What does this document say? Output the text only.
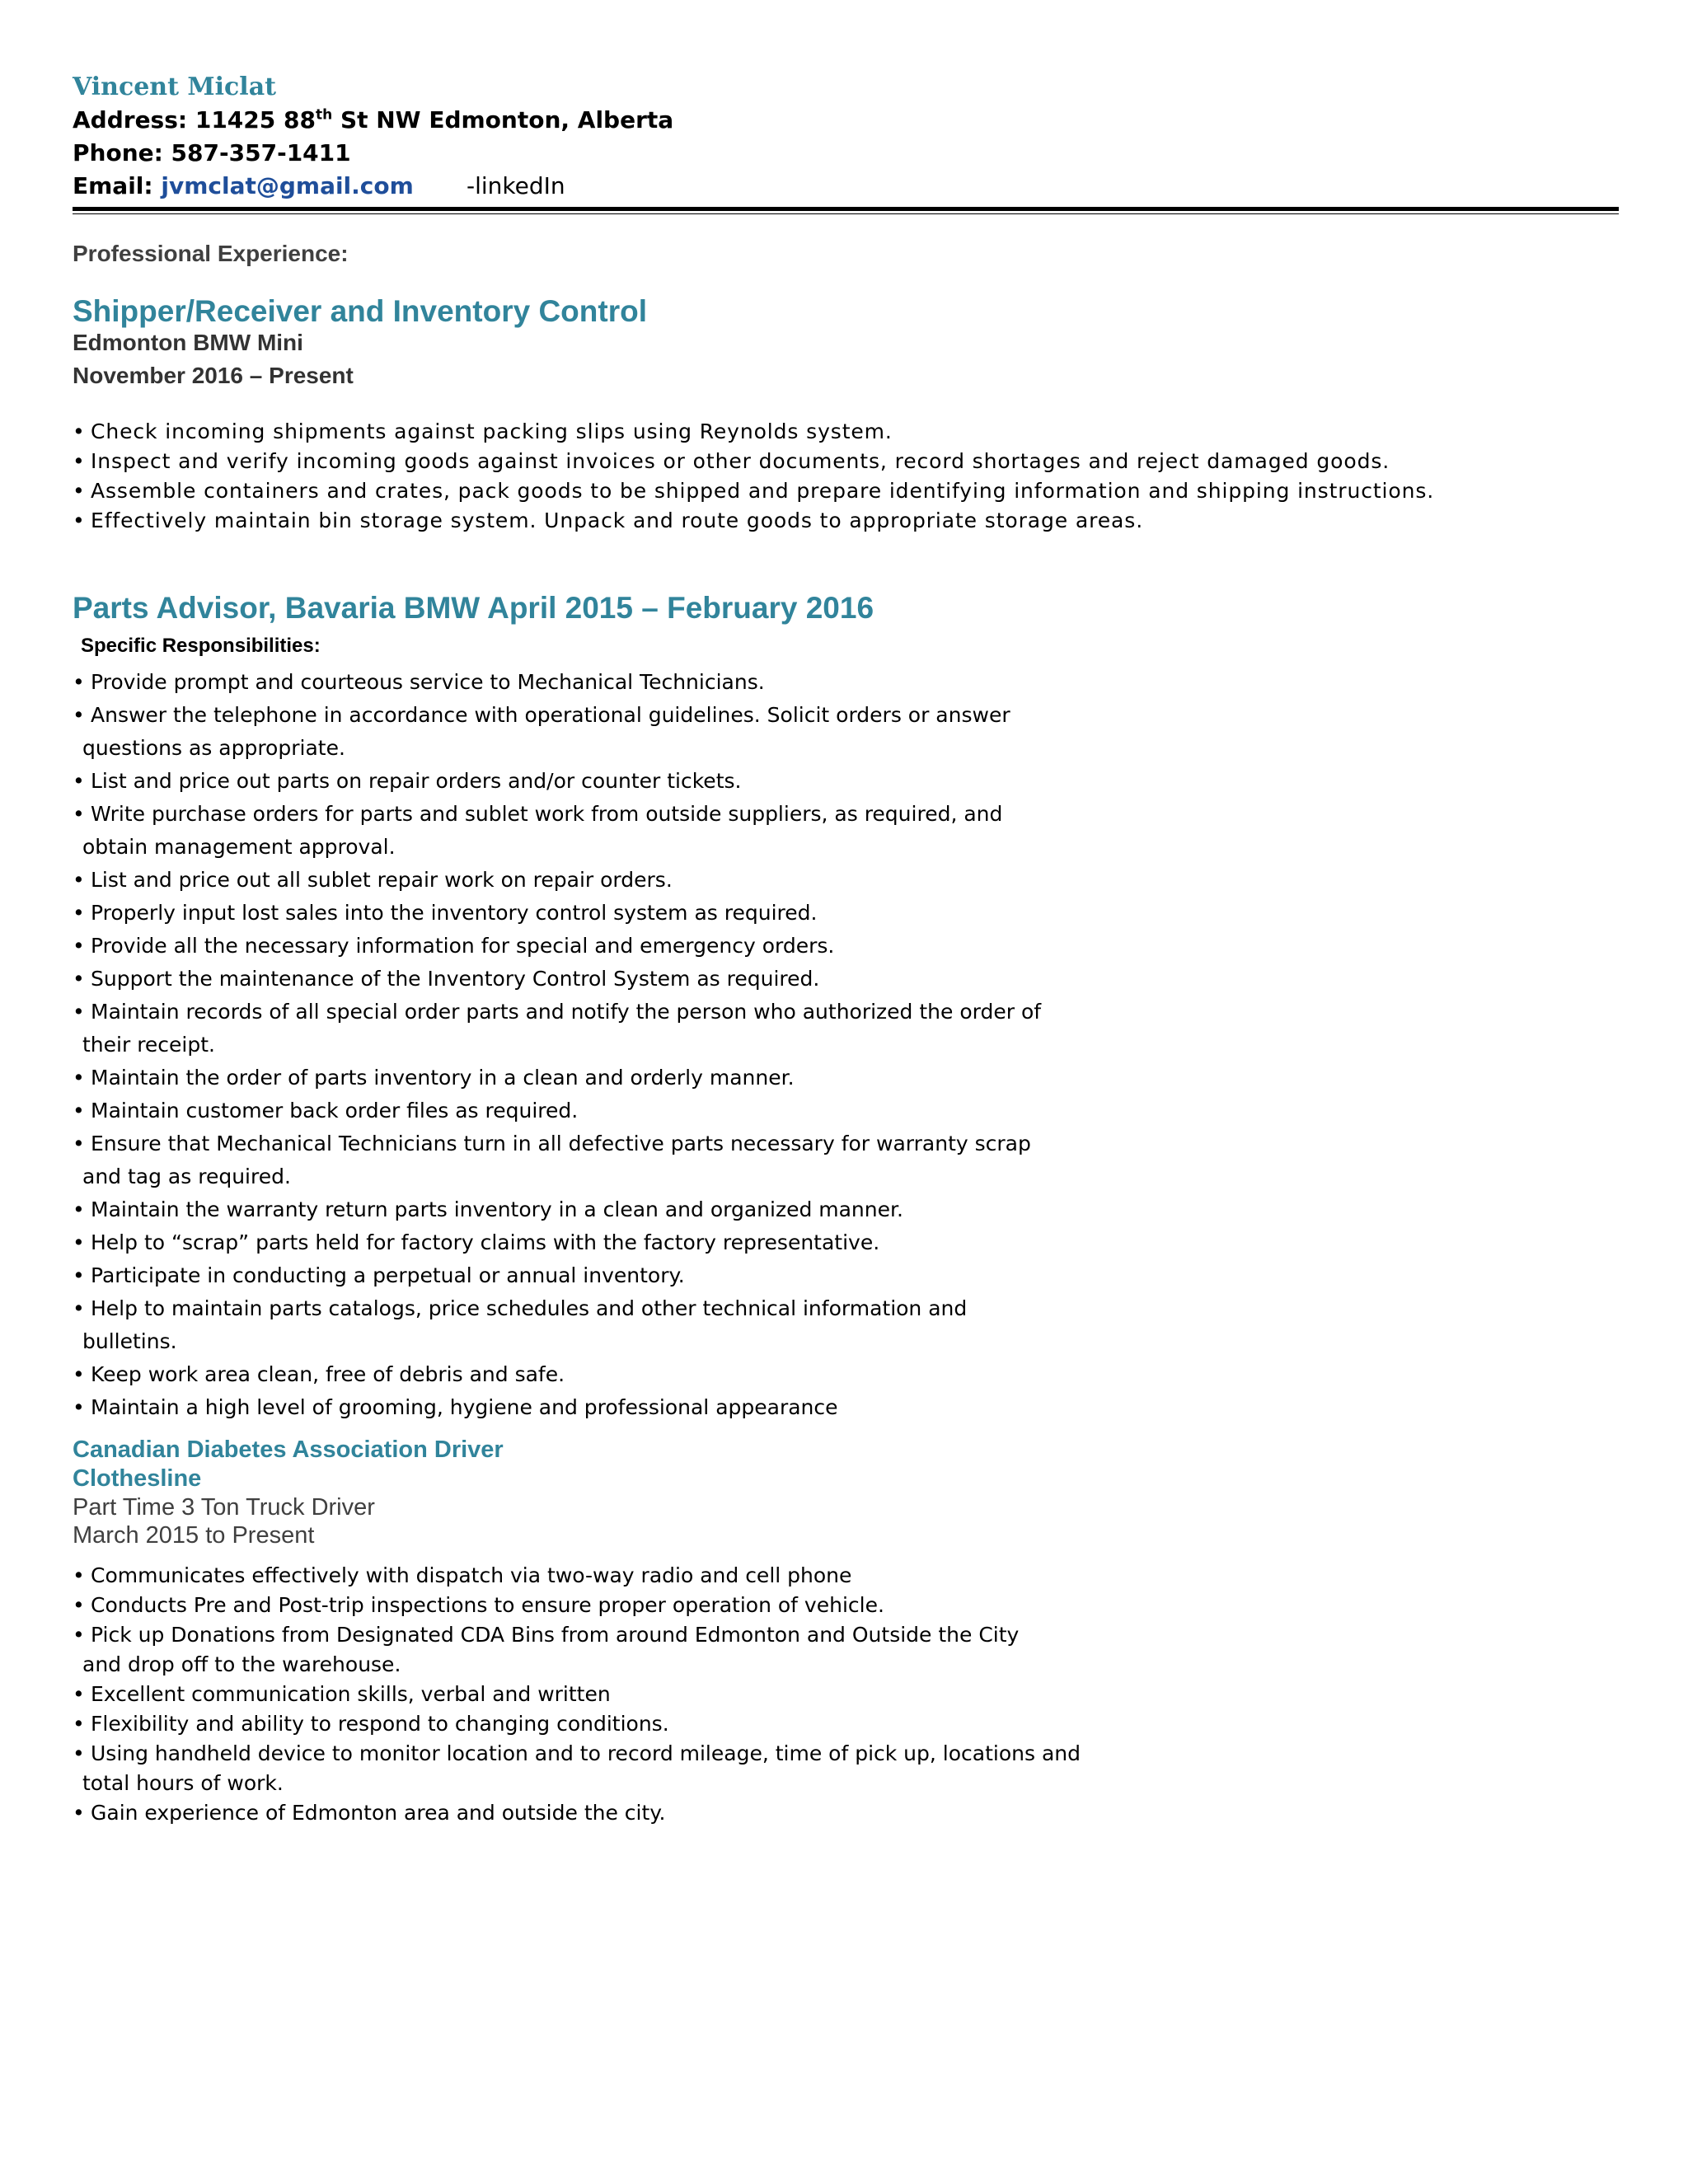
Vincent Miclat

Address: 11425 88th St NW Edmonton, Alberta
Phone: 587-357-1411
Email: jvmclat@gmail.com -linkedIn

Professional Experience:

Shipper/Receiver and Inventory Control

Edmonton BMW Mini
November 2016 – Present
• Check incoming shipments against packing slips using Reynolds system.
• Inspect and verify incoming goods against invoices or other documents, record shortages and reject damaged goods.
• Assemble containers and crates, pack goods to be shipped and prepare identifying information and shipping instructions.
• Effectively maintain bin storage system. Unpack and route goods to appropriate storage areas.

Parts Advisor, Bavaria BMW April 2015 – February 2016

Specific Responsibilities:
• Provide prompt and courteous service to Mechanical Technicians.
• Answer the telephone in accordance with operational guidelines. Solicit orders or answer
questions as appropriate.
• List and price out parts on repair orders and/or counter tickets.
• Write purchase orders for parts and sublet work from outside suppliers, as required, and
obtain management approval.
• List and price out all sublet repair work on repair orders.
• Properly input lost sales into the inventory control system as required.
• Provide all the necessary information for special and emergency orders.
• Support the maintenance of the Inventory Control System as required.
• Maintain records of all special order parts and notify the person who authorized the order of
their receipt.
• Maintain the order of parts inventory in a clean and orderly manner.
• Maintain customer back order files as required.
• Ensure that Mechanical Technicians turn in all defective parts necessary for warranty scrap
and tag as required.
• Maintain the warranty return parts inventory in a clean and organized manner.
• Help to “scrap” parts held for factory claims with the factory representative.
• Participate in conducting a perpetual or annual inventory.
• Help to maintain parts catalogs, price schedules and other technical information and
bulletins.
• Keep work area clean, free of debris and safe.
• Maintain a high level of grooming, hygiene and professional appearance
Canadian Diabetes Association Driver
Clothesline
Part Time 3 Ton Truck Driver
March 2015 to Present
• Communicates effectively with dispatch via two-way radio and cell phone
• Conducts Pre and Post-trip inspections to ensure proper operation of vehicle.
• Pick up Donations from Designated CDA Bins from around Edmonton and Outside the City
and drop off to the warehouse.
• Excellent communication skills, verbal and written
• Flexibility and ability to respond to changing conditions.
• Using handheld device to monitor location and to record mileage, time of pick up, locations and
total hours of work.
• Gain experience of Edmonton area and outside the city.
